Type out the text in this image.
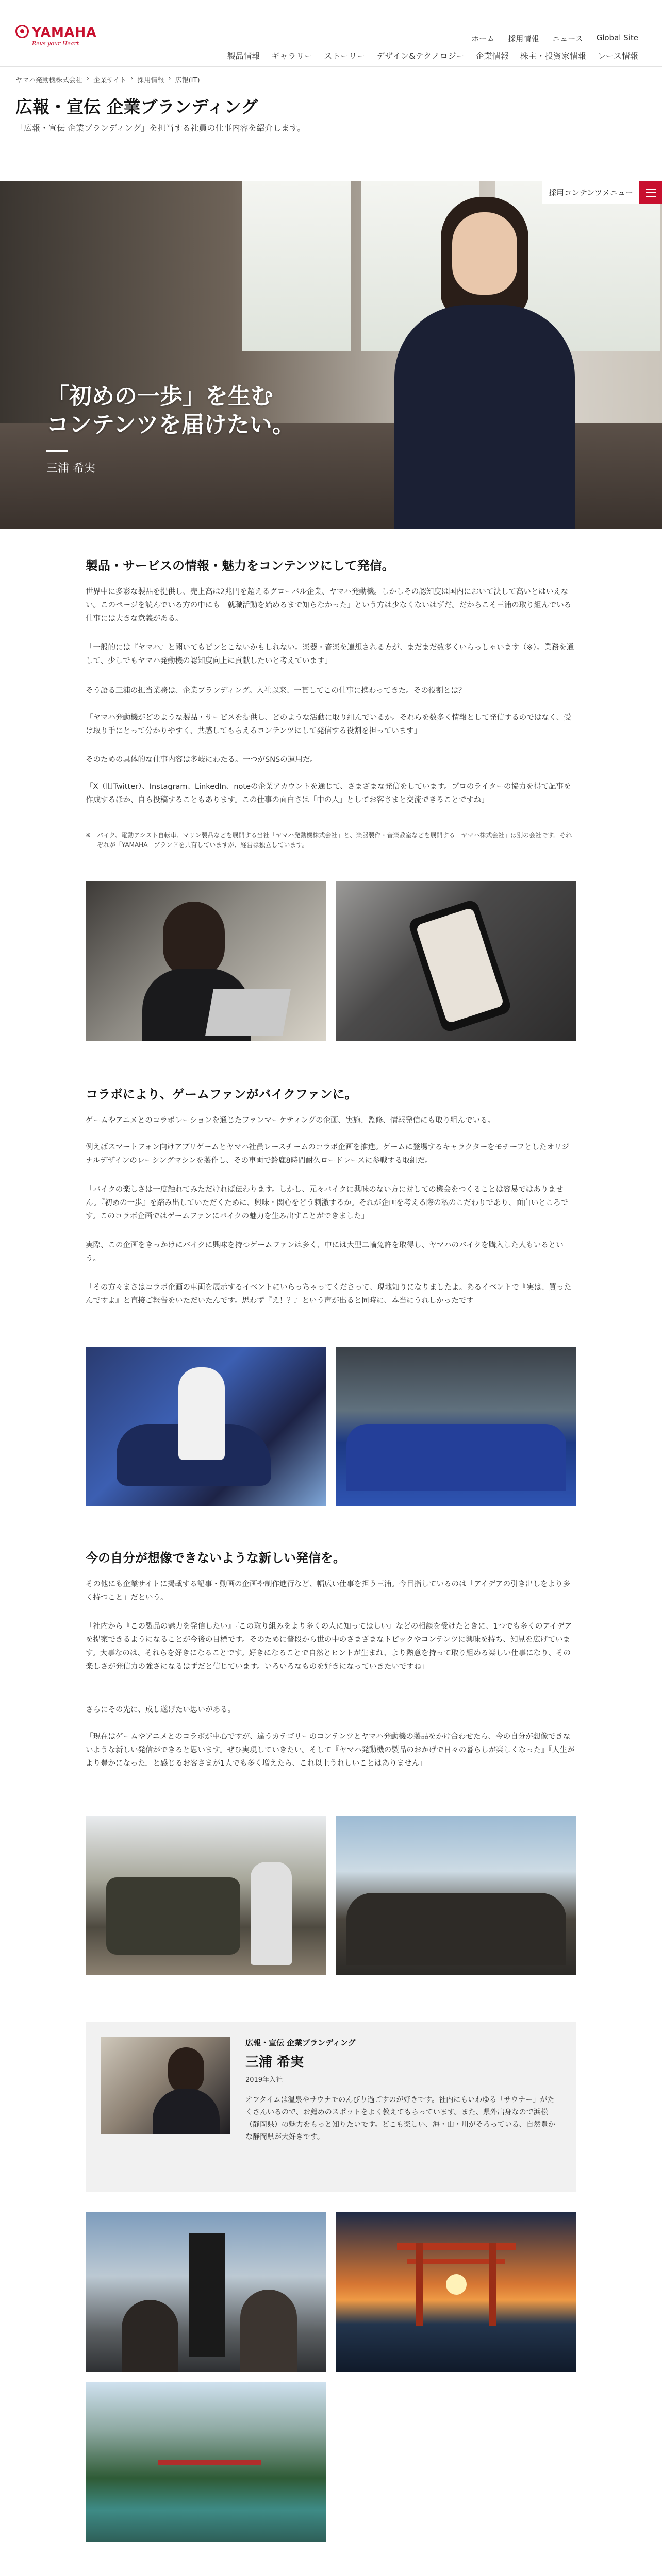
YAMAHA
Revs your Heart
ホーム 採用情報 ニュース Global Site
製品情報 ギャラリー ストーリー デザイン&テクノロジー 企業情報 株主・投資家情報 レース情報
ヤマハ発動機株式会社 › 企業サイト › 採用情報 › 広報(IT)
広報・宣伝 企業ブランディング
「広報・宣伝 企業ブランディング」を担当する社員の仕事内容を紹介します。
「初めの一歩」を生む
コンテンツを届けたい。
三浦 希実
採用コンテンツメニュー
製品・サービスの情報・魅力をコンテンツにして発信。
世界中に多彩な製品を提供し、売上高は2兆円を超えるグローバル企業、ヤマハ発動機。しかしその認知度は国内において決して高いとはいえない。このページを読んでいる方の中にも「就職活動を始めるまで知らなかった」という方は少なくないはずだ。だからこそ三浦の取り組んでいる仕事には大きな意義がある。
「一般的には『ヤマハ』と聞いてもピンとこないかもしれない。楽器・音楽を連想される方が、まだまだ数多くいらっしゃいます（※）。業務を通して、少しでもヤマハ発動機の認知度向上に貢献したいと考えています」
そう語る三浦の担当業務は、企業ブランディング。入社以来、一貫してこの仕事に携わってきた。その役割とは？
「ヤマハ発動機がどのような製品・サービスを提供し、どのような活動に取り組んでいるか。それらを数多く情報として発信するのではなく、受け取り手にとって分かりやすく、共感してもらえるコンテンツにして発信する役割を担っています」
そのための具体的な仕事内容は多岐にわたる。一つがSNSの運用だ。
「X（旧Twitter）、Instagram、LinkedIn、noteの企業アカウントを通じて、さまざまな発信をしています。プロのライターの協力を得て記事を作成するほか、自ら投稿することもあります。この仕事の面白さは「中の人」としてお客さまと交流できることですね」
※ バイク、電動アシスト自転車、マリン製品などを展開する当社「ヤマハ発動機株式会社」と、楽器製作・音楽教室などを展開する「ヤマハ株式会社」は別の会社です。それぞれが「YAMAHA」ブランドを共有していますが、経営は独立しています。
コラボにより、ゲームファンがバイクファンに。
ゲームやアニメとのコラボレーションを通じたファンマーケティングの企画、実施、監修、情報発信にも取り組んでいる。
例えばスマートフォン向けアプリゲームとヤマハ社員レースチームのコラボ企画を推進。ゲームに登場するキャラクターをモチーフとしたオリジナルデザインのレーシングマシンを製作し、その車両で鈴鹿8時間耐久ロードレースに参戦する取組だ。
「バイクの楽しさは一度触れてみただければ伝わります。しかし、元々バイクに興味のない方に対しての機会をつくることは容易ではありません。『初めの一歩』を踏み出していただくために、興味・関心をどう刺激するか。それが企画を考える際の私のこだわりであり、面白いところです。このコラボ企画ではゲームファンにバイクの魅力を生み出すことができました」
実際、この企画をきっかけにバイクに興味を持つゲームファンは多く、中には大型二輪免許を取得し、ヤマハのバイクを購入した人もいるという。
「その方々まさはコラボ企画の車両を展示するイベントにいらっちゃってくださって、現地知りになりましたよ。あるイベントで『実は、買ったんですよ』と直接ご報告をいただいたんです。思わず『え！？』という声が出ると同時に、本当にうれしかったです」
今の自分が想像できないような新しい発信を。
その他にも企業サイトに掲載する記事・動画の企画や制作進行など、幅広い仕事を担う三浦。今目指しているのは「アイデアの引き出しをより多く持つこと」だという。
「社内から『この製品の魅力を発信したい』『この取り組みをより多くの人に知ってほしい』などの相談を受けたときに、1つでも多くのアイデアを提案できるようになることが今後の目標です。そのために普段から世の中のさまざまなトピックやコンテンツに興味を持ち、知見を広げています。大事なのは、それらを好きになることです。好きになることで自然とヒントが生まれ、より熱意を持って取り組める楽しい仕事になり、その楽しさが発信力の強さになるはずだと信じています。いろいろなものを好きになっていきたいですね」
さらにその先に、成し遂げたい思いがある。
「現在はゲームやアニメとのコラボが中心ですが、違うカテゴリーのコンテンツとヤマハ発動機の製品をかけ合わせたら、今の自分が想像できないような新しい発信ができると思います。ぜひ実現していきたい。そして『ヤマハ発動機の製品のおかげで日々の暮らしが楽しくなった』『人生がより豊かになった』と感じるお客さまが1人でも多く増えたら、これ以上うれしいことはありません」
広報・宣伝 企業ブランディング
三浦 希実
2019年入社
オフタイムは温泉やサウナでのんびり過ごすのが好きです。社内にもいわゆる「サウナー」がたくさんいるので、お薦めのスポットをよく教えてもらっています。また、県外出身なので浜松（静岡県）の魅力をもっと知りたいです。どこも楽しい、海・山・川がそろっている、自然豊かな静岡県が大好きです。
